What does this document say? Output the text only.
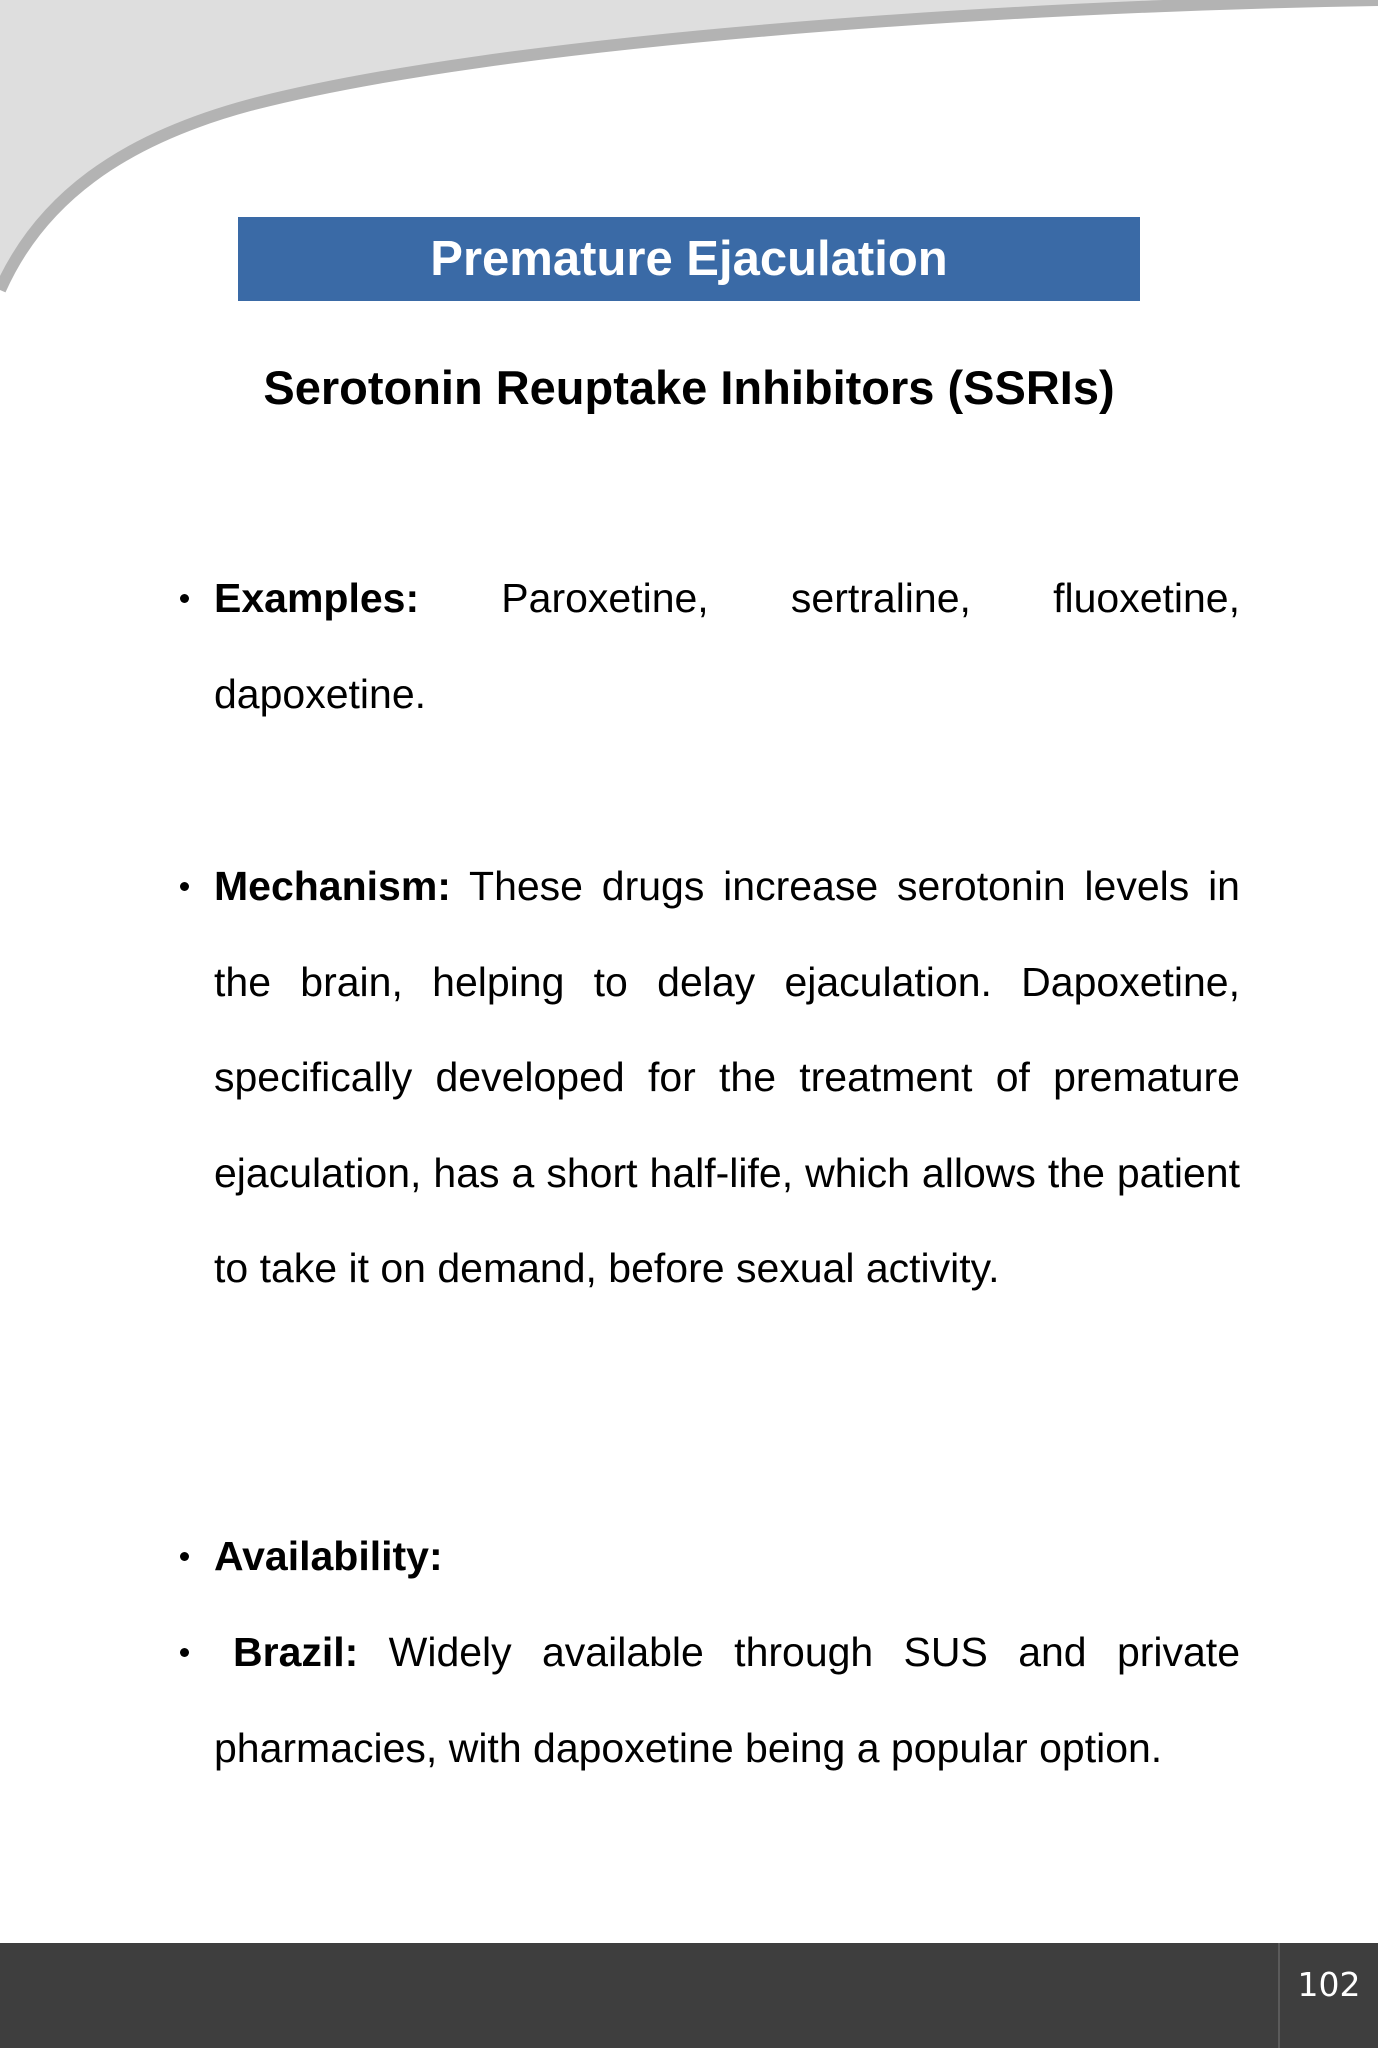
Premature Ejaculation
Serotonin Reuptake Inhibitors (SSRIs)
Examples: Paroxetine, sertraline, fluoxetine, dapoxetine.
Mechanism: These drugs increase serotonin levels in the brain, helping to delay ejaculation. Dapoxetine, specifically developed for the treatment of premature ejaculation, has a short half-life, which allows the patient to take it on demand, before sexual activity.
Availability:
Brazil: Widely available through SUS and private pharmacies, with dapoxetine being a popular option.
102
